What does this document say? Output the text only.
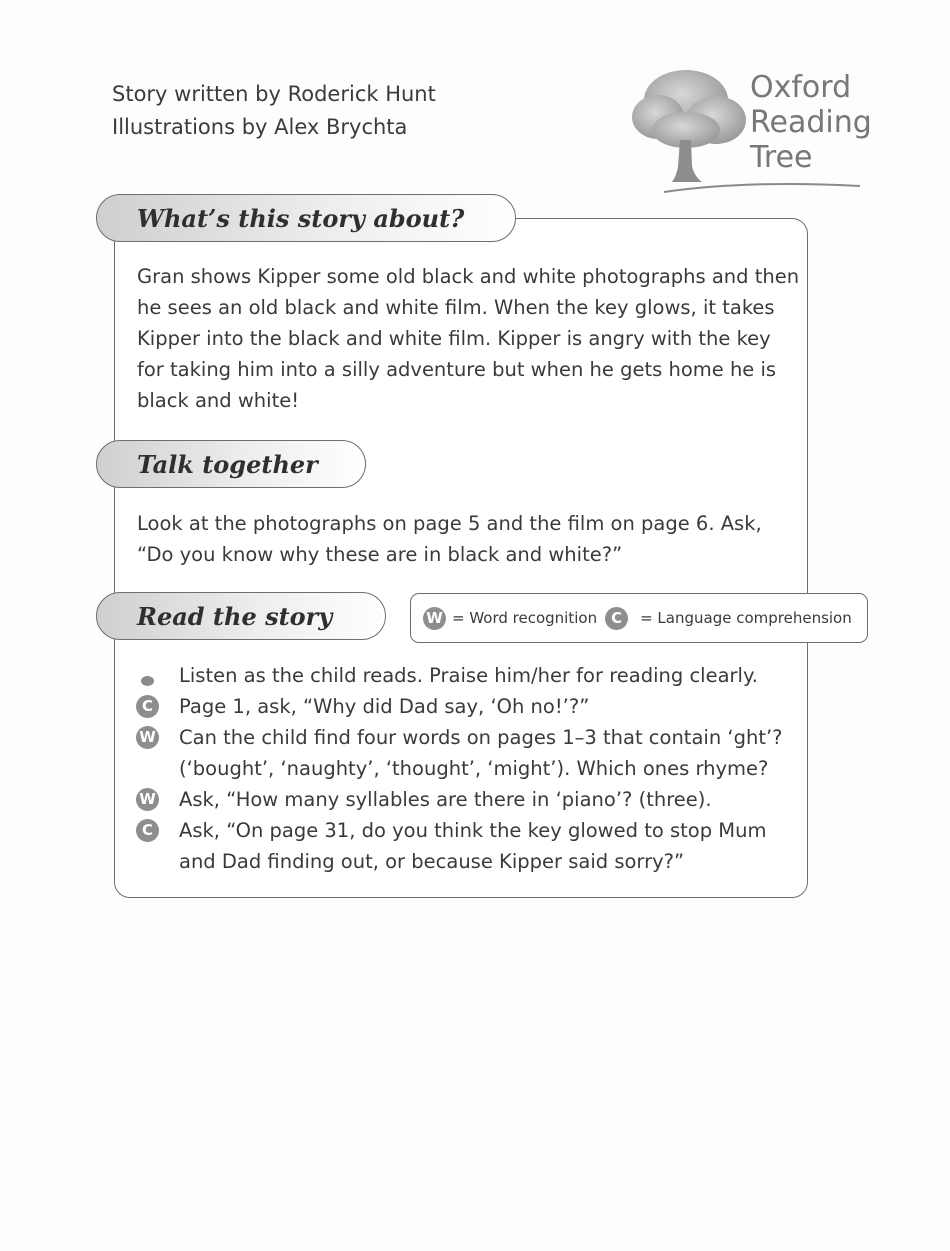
Story written by Roderick Hunt
Illustrations by Alex Brychta
Oxford
Reading
Tree
What’s this story about?
Gran shows Kipper some old black and white photographs and then
he sees an old black and white film. When the key glows, it takes
Kipper into the black and white film. Kipper is angry with the key
for taking him into a silly adventure but when he gets home he is
black and white!
Talk together
Look at the photographs on page 5 and the film on page 6. Ask,
“Do you know why these are in black and white?”
Read the story	W = Word recognition C	= Language comprehension
Listen as the child reads. Praise him/her for reading clearly.
C	Page 1, ask, “Why did Dad say, ‘Oh no!’?”
W Can the child find four words on pages 1–3 that contain ‘ght’?
(‘bought’, ‘naughty’, ‘thought’, ‘might’). Which ones rhyme?
W Ask, “How many syllables are there in ‘piano’? (three).
C	Ask, “On page 31, do you think the key glowed to stop Mum
and Dad finding out, or because Kipper said sorry?”
